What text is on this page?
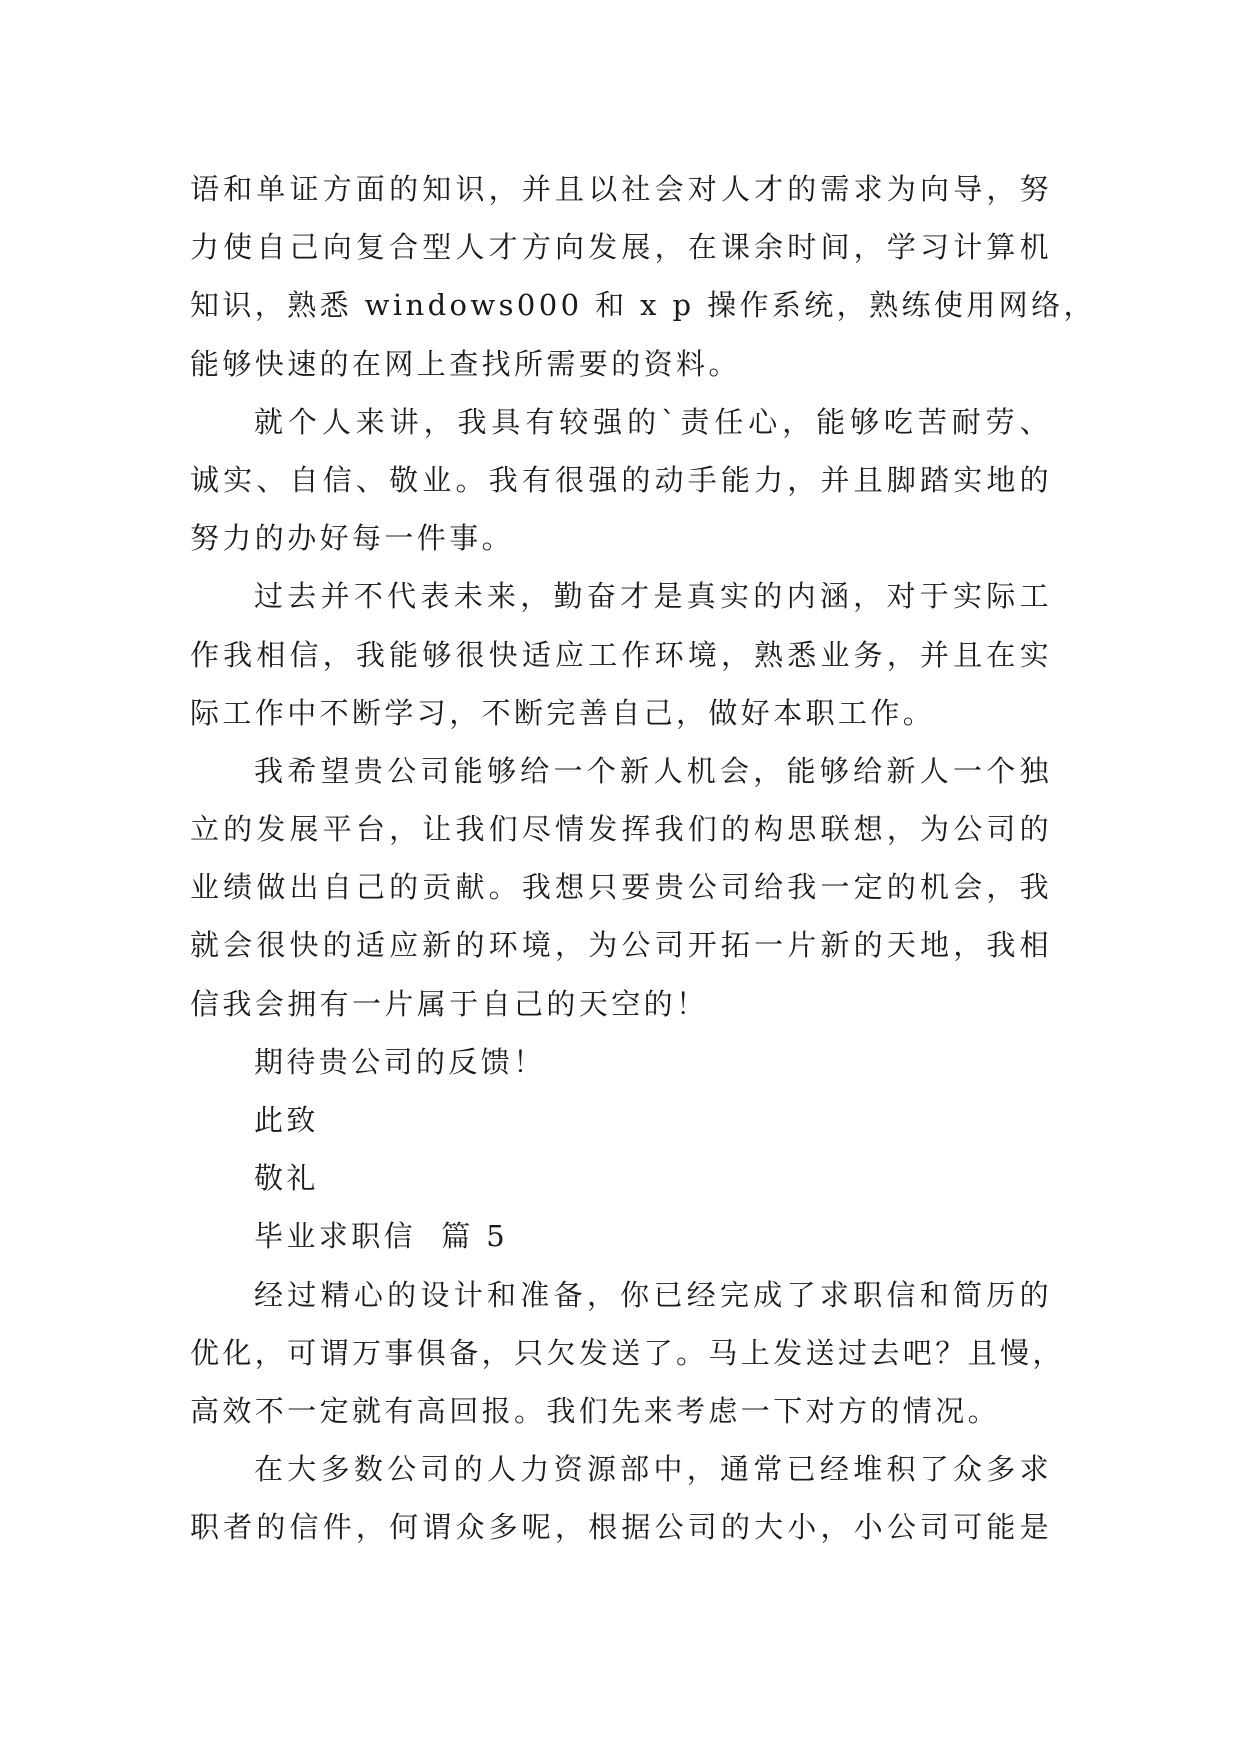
语和单证方面的知识，并且以社会对人才的需求为向导，努
力使自己向复合型人才方向发展，在课余时间，学习计算机
知识，熟悉 windows000 和 x p 操作系统，熟练使用网络，
能够快速的在网上查找所需要的资料。
就个人来讲，我具有较强的`责任心，能够吃苦耐劳、
诚实、自信、敬业。我有很强的动手能力，并且脚踏实地的
努力的办好每一件事。
过去并不代表未来，勤奋才是真实的内涵，对于实际工
作我相信，我能够很快适应工作环境，熟悉业务，并且在实
际工作中不断学习，不断完善自己，做好本职工作。
我希望贵公司能够给一个新人机会，能够给新人一个独
立的发展平台，让我们尽情发挥我们的构思联想，为公司的
业绩做出自己的贡献。我想只要贵公司给我一定的机会，我
就会很快的适应新的环境，为公司开拓一片新的天地，我相
信我会拥有一片属于自己的天空的！
期待贵公司的反馈！
此致
敬礼
毕业求职信  篇 5
经过精心的设计和准备，你已经完成了求职信和简历的
优化，可谓万事俱备，只欠发送了。马上发送过去吧？且慢，
高效不一定就有高回报。我们先来考虑一下对方的情况。
在大多数公司的人力资源部中，通常已经堆积了众多求
职者的信件，何谓众多呢，根据公司的大小，小公司可能是
